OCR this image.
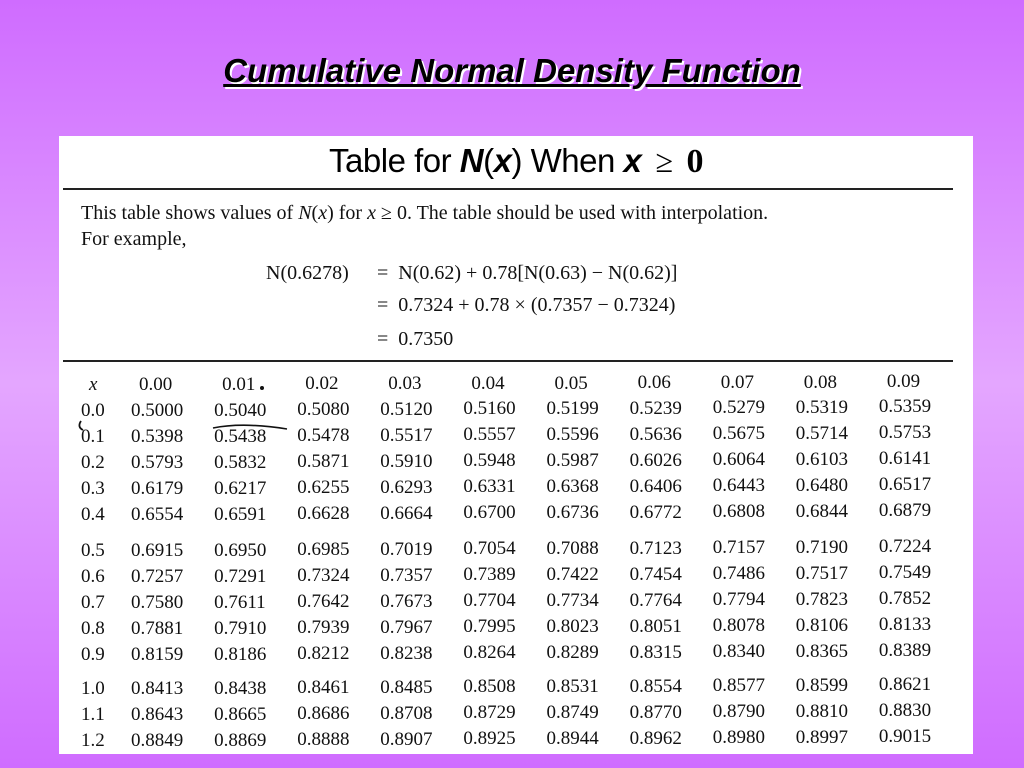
Cumulative Normal Density Function
Table for N(x) When x ≥ 0
This table shows values of N(x) for x ≥ 0. The table should be used with interpolation.
For example,
N(0.6278) =  N(0.62) + 0.78[N(0.63) − N(0.62)]
=  0.7324 + 0.78 × (0.7357 − 0.7324)
=  0.7350
x 0.00	0.01	0.02	0.03	0.04	0.05	0.06	0.07	0.08	0.09
0.0 0.5000 0.5040 0.5080 0.5120 0.5160 0.5199 0.5239 0.5279 0.5319 0.5359
0.1 0.5398 0.5438 0.5478 0.5517 0.5557 0.5596 0.5636 0.5675 0.5714 0.5753
0.2 0.5793 0.5832 0.5871 0.5910 0.5948 0.5987 0.6026 0.6064 0.6103 0.6141
0.3 0.6179 0.6217 0.6255 0.6293 0.6331 0.6368 0.6406 0.6443 0.6480 0.6517
0.4 0.6554 0.6591 0.6628 0.6664 0.6700 0.6736 0.6772 0.6808 0.6844 0.6879
0.5 0.6915 0.6950 0.6985 0.7019 0.7054 0.7088 0.7123 0.7157 0.7190 0.7224
0.6 0.7257 0.7291 0.7324 0.7357 0.7389 0.7422 0.7454 0.7486 0.7517 0.7549
0.7 0.7580 0.7611 0.7642 0.7673 0.7704 0.7734 0.7764 0.7794 0.7823 0.7852
0.8 0.7881 0.7910 0.7939 0.7967 0.7995 0.8023 0.8051 0.8078 0.8106 0.8133
0.9 0.8159 0.8186 0.8212 0.8238 0.8264 0.8289 0.8315 0.8340 0.8365 0.8389
1.0 0.8413 0.8438 0.8461 0.8485 0.8508 0.8531 0.8554 0.8577 0.8599 0.8621
1.1 0.8643 0.8665 0.8686 0.8708 0.8729 0.8749 0.8770 0.8790 0.8810 0.8830
1.2 0.8849 0.8869 0.8888 0.8907 0.8925 0.8944 0.8962 0.8980 0.8997 0.9015
